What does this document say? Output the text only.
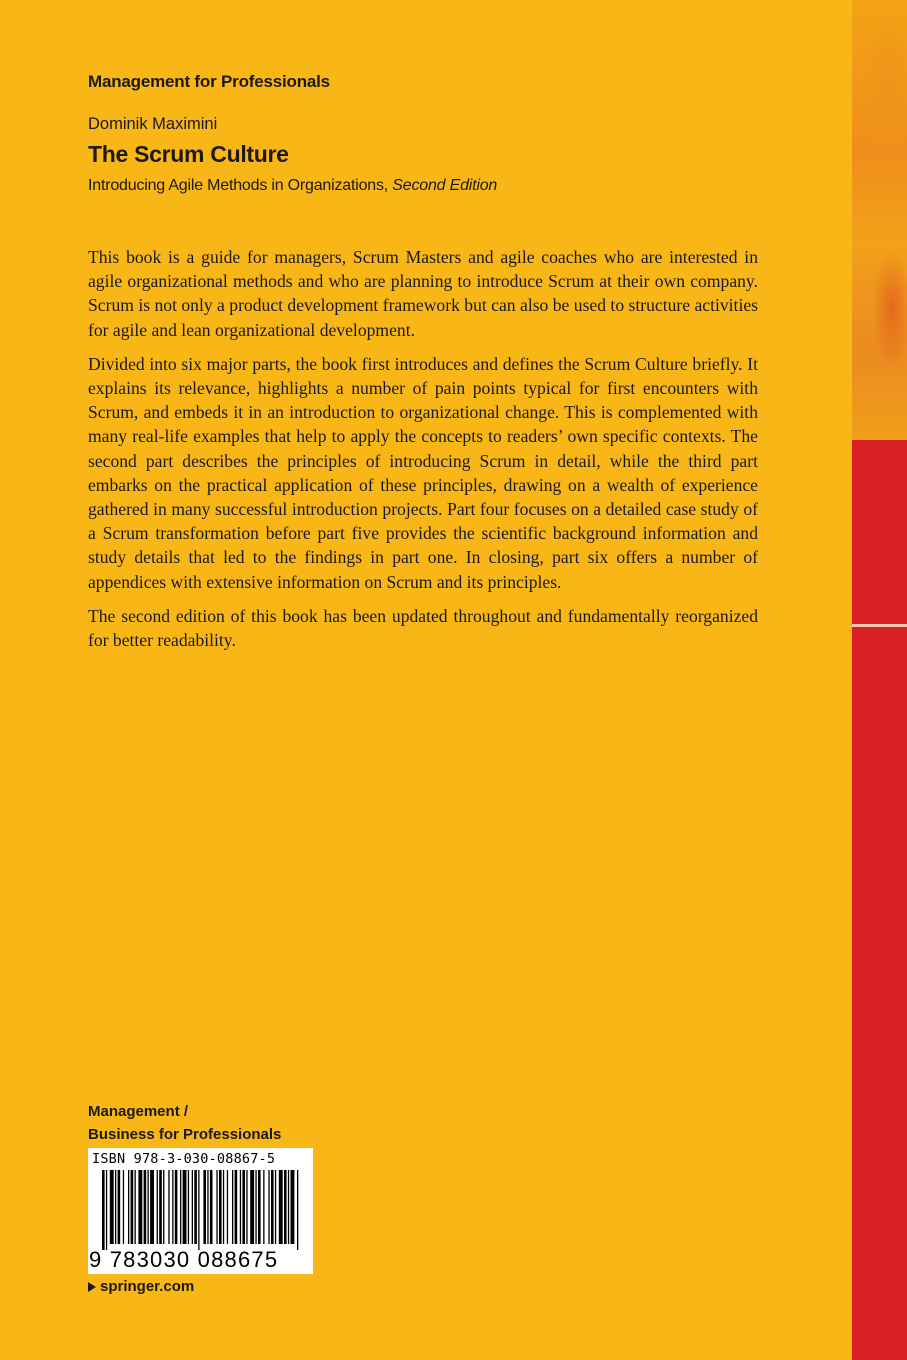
Management for Professionals
Dominik Maximini
The Scrum Culture
Introducing Agile Methods in Organizations, Second Edition

This book is a guide for managers, Scrum Masters and agile coaches who are interested in agile organizational methods and who are planning to introduce Scrum at their own company. Scrum is not only a product development framework but can also be used to structure activities for agile and lean organizational development.

Divided into six major parts, the book first introduces and defines the Scrum Culture briefly. It explains its relevance, highlights a number of pain points typical for first encounters with Scrum, and embeds it in an introduction to organizational change. This is complemented with many real-life examples that help to apply the concepts to readers’ own specific contexts. The second part describes the principles of introducing Scrum in detail, while the third part embarks on the practical application of these principles, drawing on a wealth of experience gathered in many successful introduction projects. Part four focuses on a detailed case study of a Scrum transformation before part five provides the scientific background information and study details that led to the findings in part one. In closing, part six offers a number of appendices with extensive information on Scrum and its principles.

The second edition of this book has been updated throughout and fundamentally reorganized for better readability.

Management /
Business for Professionals
ISBN 978-3-030-08867-5
9 783030 088675
springer.com
